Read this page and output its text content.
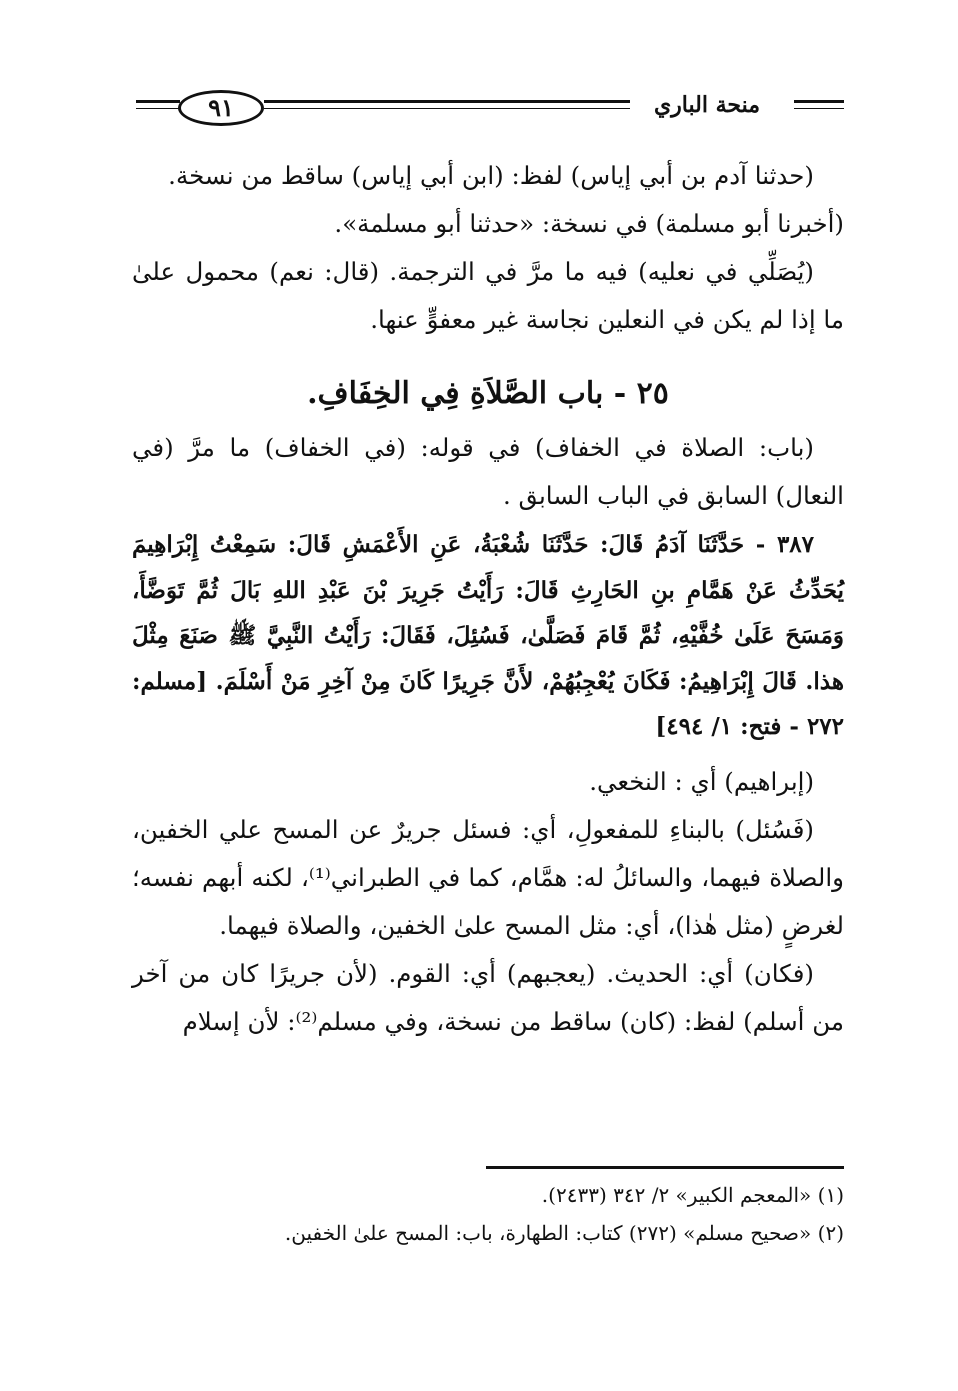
منحة الباري
٩١

(حدثنا آدم بن أبي إياس) لفظ: (ابن أبي إياس) ساقط من نسخة.

(أخبرنا أبو مسلمة) في نسخة: «حدثنا أبو مسلمة».

(يُصَلِّي في نعليه) فيه ما مرَّ في الترجمة. (قال: نعم) محمول علىٰ ما إذا لم يكن في النعلين نجاسة غير معفوٍّ عنها.

٢٥ - باب الصَّلاَةِ فِي الخِفَافِ.

(باب: الصلاة في الخفاف) في قوله: (في الخفاف) ما مرَّ (في النعال) السابق في الباب السابق .

٣٨٧ - حَدَّثَنَا آدَمُ قَالَ: حَدَّثَنَا شُعْبَةُ، عَنِ الأَعْمَشِ قَالَ: سَمِعْتُ إِبْرَاهِيمَ يُحَدِّثُ عَنْ هَمَّامِ بنِ الحَارِثِ قَالَ: رَأَيْتُ جَرِيرَ بْنَ عَبْدِ اللهِ بَالَ ثُمَّ تَوَضَّأَ، وَمَسَحَ عَلَىٰ خُفَّيْهِ، ثُمَّ قَامَ فَصَلَّىٰ، فَسُئِلَ، فَقَالَ: رَأَيْتُ النَّبِيَّ ﷺ صَنَعَ مِثْلَ هذا. قَالَ إِبْرَاهِيمُ: فَكَانَ يُعْجِبُهُمْ، لأَنَّ جَرِيرًا كَانَ مِنْ آخِرِ مَنْ أَسْلَمَ. [مسلم: ٢٧٢ - فتح: ١/ ٤٩٤]

(إبراهيم) أي : النخعي.

(فَسُئل) بالبناءِ للمفعولِ، أي: فسئل جريرٌ عن المسح علي الخفين، والصلاة فيهما، والسائلُ له: همَّام، كما في الطبراني⁽¹⁾، لكنه أبهم نفسه؛ لغرضٍ (مثل هٰذا)، أي: مثل المسح علىٰ الخفين، والصلاة فيهما.

(فكان) أي: الحديث. (يعجبهم) أي: القوم. (لأن جريرًا كان من آخر من أسلم) لفظ: (كان) ساقط من نسخة، وفي مسلم⁽²⁾: لأن إسلام

(١) «المعجم الكبير» ٢/ ٣٤٢ (٢٤٣٣).

(٢) «صحيح مسلم» (٢٧٢) كتاب: الطهارة، باب: المسح علىٰ الخفين.
